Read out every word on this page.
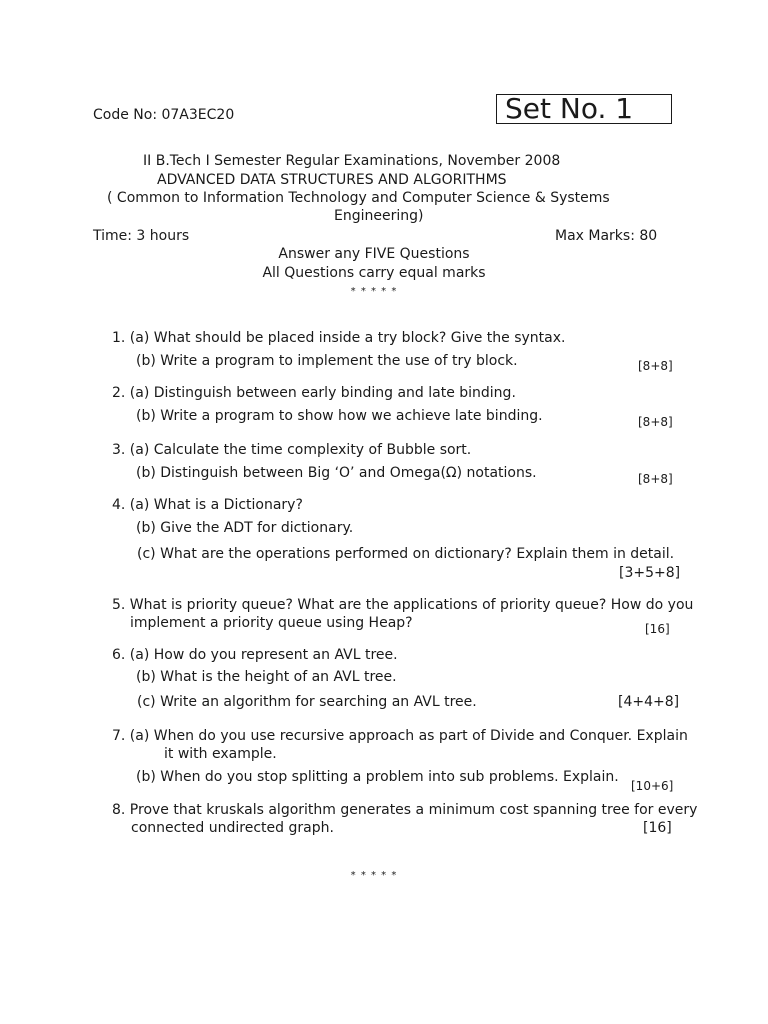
Code No: 07A3EC20	Set No. 1
II B.Tech I Semester Regular Examinations, November 2008
ADVANCED DATA STRUCTURES AND ALGORITHMS
( Common to Information Technology and Computer Science & Systems
Engineering)
Time: 3 hours	Max Marks: 80
Answer any FIVE Questions
All Questions carry equal marks
* * * * *
1. (a) What should be placed inside a try block? Give the syntax.
(b) Write a program to implement the use of try block.	[8+8]
2. (a) Distinguish between early binding and late binding.
(b) Write a program to show how we achieve late binding.	[8+8]
3. (a) Calculate the time complexity of Bubble sort.
(b) Distinguish between Big ‘O’ and Omega(Ω) notations.	[8+8]
4. (a) What is a Dictionary?
(b) Give the ADT for dictionary.
(c) What are the operations performed on dictionary? Explain them in detail.
[3+5+8]
5. What is priority queue? What are the applications of priority queue? How do you
implement a priority queue using Heap?	[16]
6. (a) How do you represent an AVL tree.
(b) What is the height of an AVL tree.
(c) Write an algorithm for searching an AVL tree.	[4+4+8]
7. (a) When do you use recursive approach as part of Divide and Conquer. Explain
it with example.
(b) When do you stop splitting a problem into sub problems. Explain.
[10+6]
8. Prove that kruskals algorithm generates a minimum cost spanning tree for every
connected undirected graph.	[16]
* * * * *
